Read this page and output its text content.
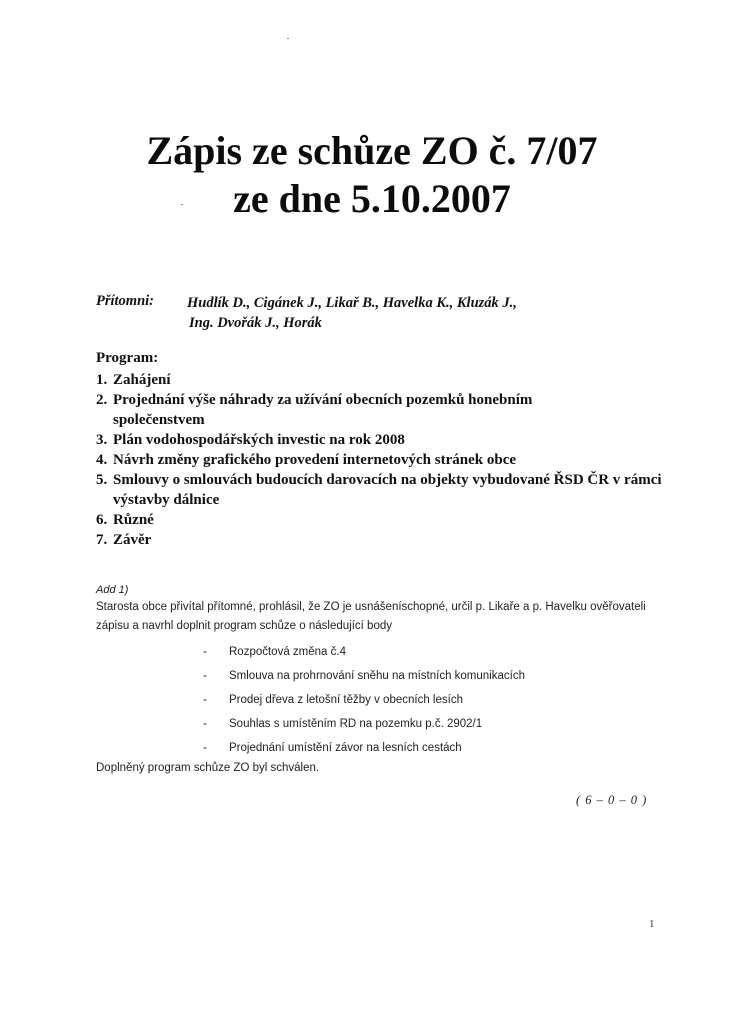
Zápis ze schůze ZO č. 7/07
ze dne 5.10.2007
Přítomni: Hudlík D., Cigánek J., Likař B., Havelka K., Kluzák J.,
Ing. Dvořák J., Horák
Program:
1. Zahájení
2. Projednání výše náhrady za užívání obecních pozemků honebním společenstvem
3. Plán vodohospodářských investic na rok 2008
4. Návrh změny grafického provedení internetových stránek obce
5. Smlouvy o smlouvách budoucích darovacích na objekty vybudované ŘSD ČR v rámci výstavby dálnice
6. Různé
7. Závěr
Add 1)
Starosta obce přivítal přítomné, prohlásil, že ZO je usnášeníschopné, určil p. Likaře a p. Havelku ověřovateli zápisu a navrhl doplnit program schůze o následující body
- Rozpočtová změna č.4
- Smlouva na prohrnování sněhu na místních komunikacích
- Prodej dřeva z letošní těžby v obecních lesích
- Souhlas s umístěním RD na pozemku p.č. 2902/1
- Projednání umístění závor na lesních cestách
Doplněný program schůze ZO byl schválen.
( 6 – 0 – 0 )
1
